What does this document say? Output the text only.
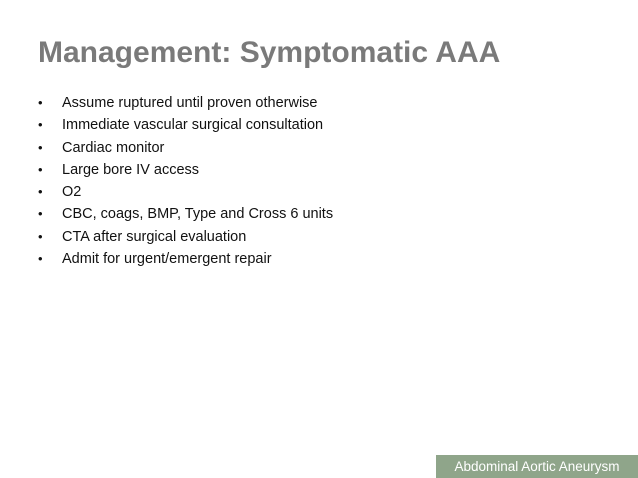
Management: Symptomatic AAA
•	Assume ruptured until proven otherwise
•	Immediate vascular surgical consultation
•	Cardiac monitor
•	Large bore IV access
•	O2
•	CBC, coags, BMP, Type and Cross 6 units
•	CTA after surgical evaluation
•	Admit for urgent/emergent repair
Abdominal Aortic Aneurysm
